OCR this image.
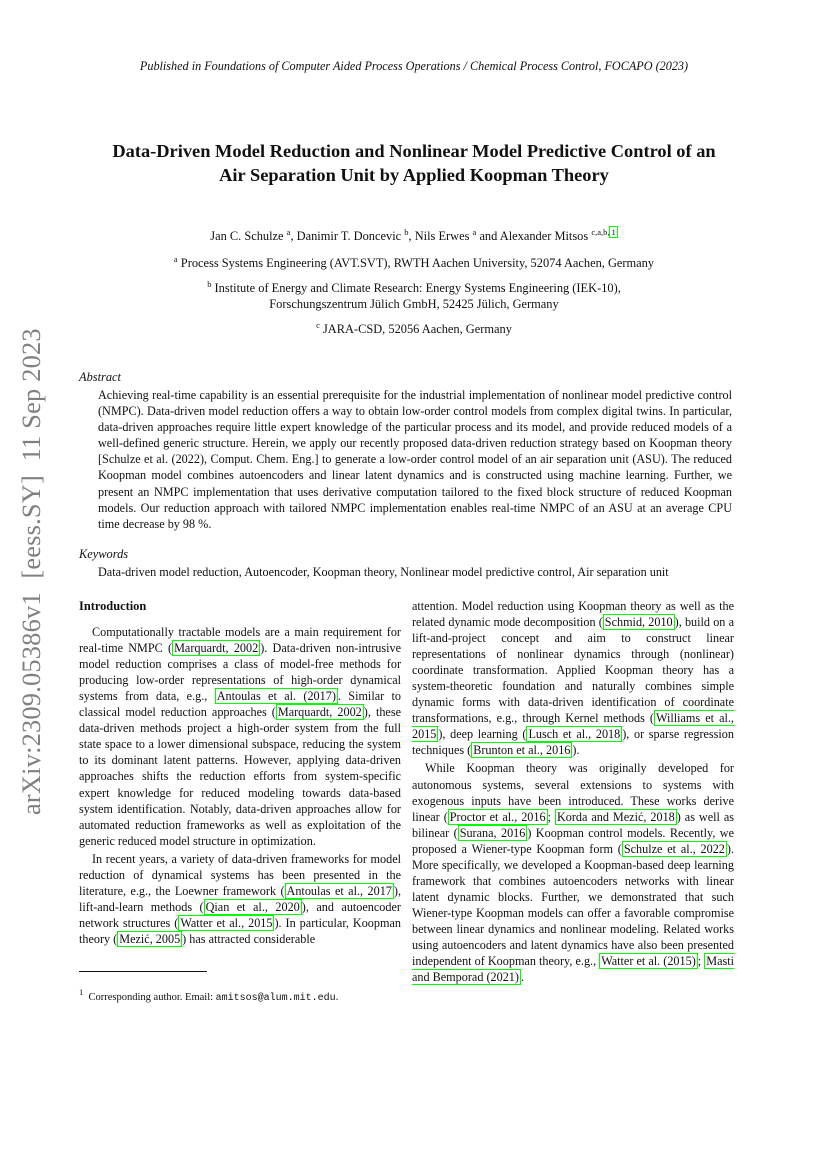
Published in Foundations of Computer Aided Process Operations / Chemical Process Control, FOCAPO (2023)
Data-Driven Model Reduction and Nonlinear Model Predictive Control of an
Air Separation Unit by Applied Koopman Theory
Jan C. Schulze $^a$, Danimir T. Doncevic $^b$, Nils Erwes $^a$ and Alexander Mitsos $^{c,a,b, 1}$
$^a$ Process Systems Engineering (AVT.SVT), RWTH Aachen University, 52074 Aachen, Germany
$^b$ Institute of Energy and Climate Research: Energy Systems Engineering (IEK-10),
Forschungszentrum Jülich GmbH, 52425 Jülich, Germany
$^c$ JARA-CSD, 52056 Aachen, Germany
Abstract
Achieving real-time capability is an essential prerequisite for the industrial implementation of nonlinear model predictive control (NMPC). Data-driven model reduction offers a way to obtain low-order control models from complex digital twins. In particular, data-driven approaches require little expert knowledge of the particular process and its model, and provide reduced models of a well-defined generic structure. Herein, we apply our recently proposed data-driven reduction strategy based on Koopman theory [Schulze et al. (2022), Comput. Chem. Eng.] to generate a low-order control model of an air separation unit (ASU). The reduced Koopman model combines autoencoders and linear latent dynamics and is constructed using machine learning. Further, we present an NMPC implementation that uses derivative computation tailored to the fixed block structure of reduced Koopman models. Our reduction approach with tailored NMPC implementation enables real-time NMPC of an ASU at an average CPU time decrease by 98 %.
Keywords
Data-driven model reduction, Autoencoder, Koopman theory, Nonlinear model predictive control, Air separation unit

Introduction

Computationally tractable models are a main requirement for real-time NMPC ( Marquardt, 2002 ). Data-driven non-intrusive model reduction comprises a class of model-free methods for producing low-order representations of high-order dynamical systems from data, e.g., Antoulas et al. (2017) . Similar to classical model reduction approaches ( Marquardt, 2002 ), these data-driven methods project a high-order system from the full state space to a lower dimensional subspace, reducing the system to its dominant latent patterns. However, applying data-driven approaches shifts the reduction efforts from system-specific expert knowledge for reduced modeling towards data-based system identification. Notably, data-driven approaches allow for automated reduction frameworks as well as exploitation of the generic reduced model structure in optimization.

In recent years, a variety of data-driven frameworks for model reduction of dynamical systems has been presented in the literature, e.g., the Loewner framework ( Antoulas et al., 2017 ), lift-and-learn methods ( Qian et al., 2020 ), and autoencoder network structures ( Watter et al., 2015 ). In particular, Koopman theory ( Mezić, 2005 ) has attracted considerable

attention. Model reduction using Koopman theory as well as the related dynamic mode decomposition ( Schmid, 2010 ), build on a lift-and-project concept and aim to construct linear representations of nonlinear dynamics through (nonlinear) coordinate transformation. Applied Koopman theory has a system-theoretic foundation and naturally combines simple dynamic forms with data-driven identification of coordinate transformations, e.g., through Kernel methods ( Williams et al., 2015 ), deep learning ( Lusch et al., 2018 ), or sparse regression techniques ( Brunton et al., 2016 ).

While Koopman theory was originally developed for autonomous systems, several extensions to systems with exogenous inputs have been introduced. These works derive linear ( Proctor et al., 2016 ; Korda and Mezić, 2018 ) as well as bilinear ( Surana, 2016 ) Koopman control models. Recently, we proposed a Wiener-type Koopman form ( Schulze et al., 2022 ). More specifically, we developed a Koopman-based deep learning framework that combines autoencoders networks with linear latent dynamic blocks. Further, we demonstrated that such Wiener-type Koopman models can offer a favorable compromise between linear dynamics and nonlinear modeling. Related works using autoencoders and latent dynamics have also been presented independent of Koopman theory, e.g., Watter et al. (2015) ; Masti and Bemporad (2021) .

$^1$ Corresponding author. Email: amitsos@alum.mit.edu.
arXiv:2309.05386v1  [eess.SY]  11 Sep 2023
